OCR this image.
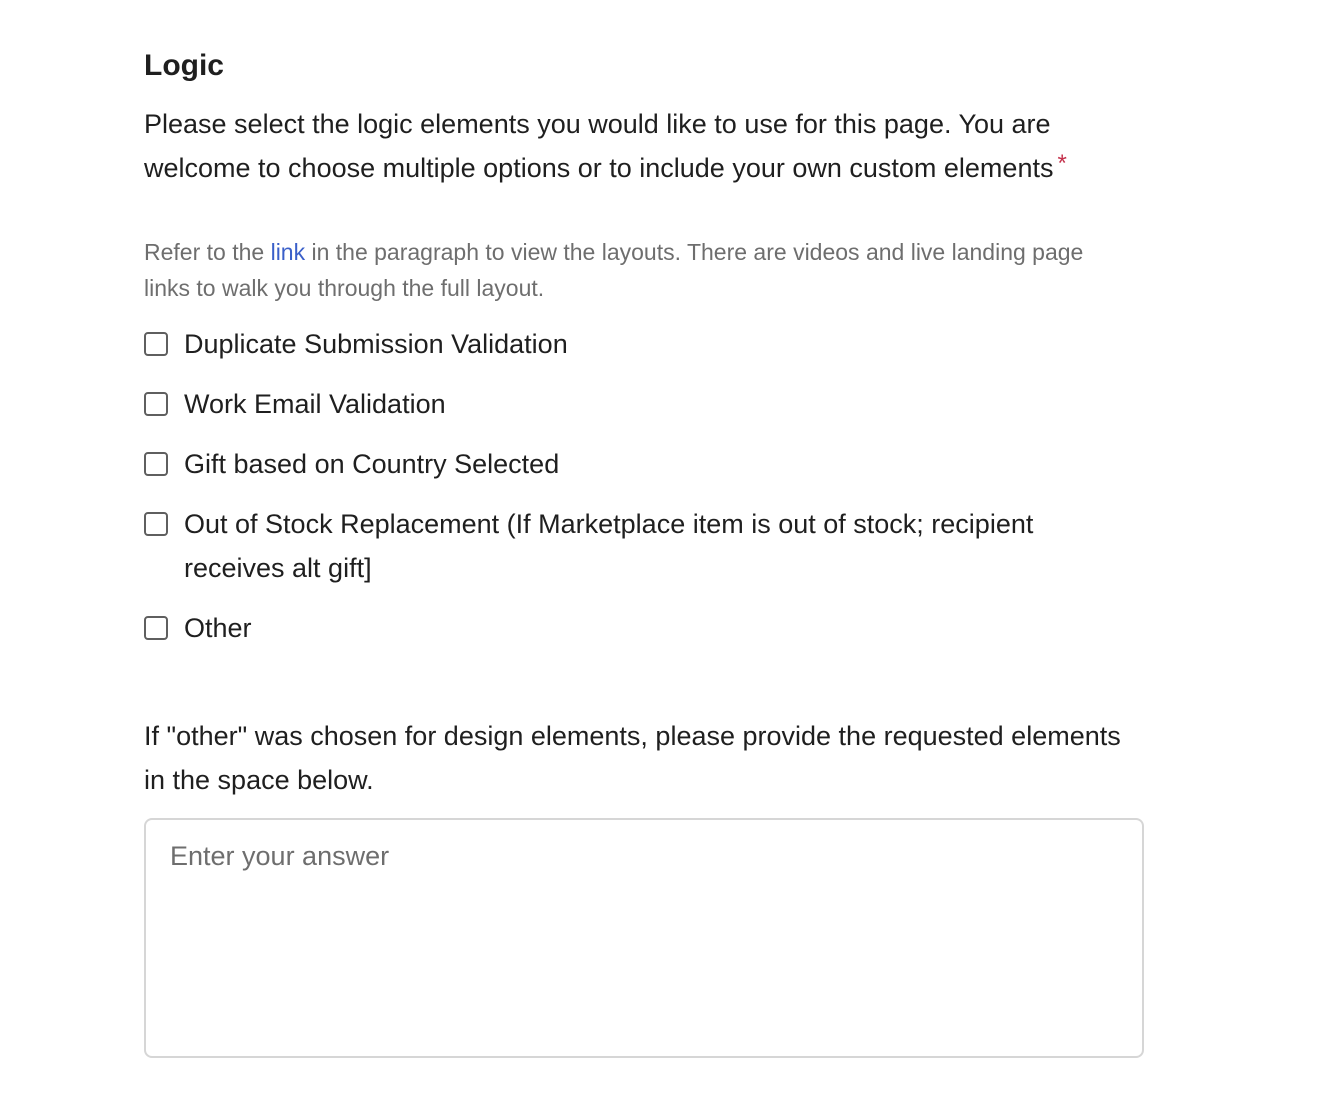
Logic

Please select the logic elements you would like to use for this page. You are welcome to choose multiple options or to include your own custom elements *

Refer to the link in the paragraph to view the layouts. There are videos and live landing page links to walk you through the full layout.

Duplicate Submission Validation
Work Email Validation
Gift based on Country Selected
Out of Stock Replacement (If Marketplace item is out of stock; recipient receives alt gift]
Other

If "other" was chosen for design elements, please provide the requested elements in the space below.

Enter your answer
